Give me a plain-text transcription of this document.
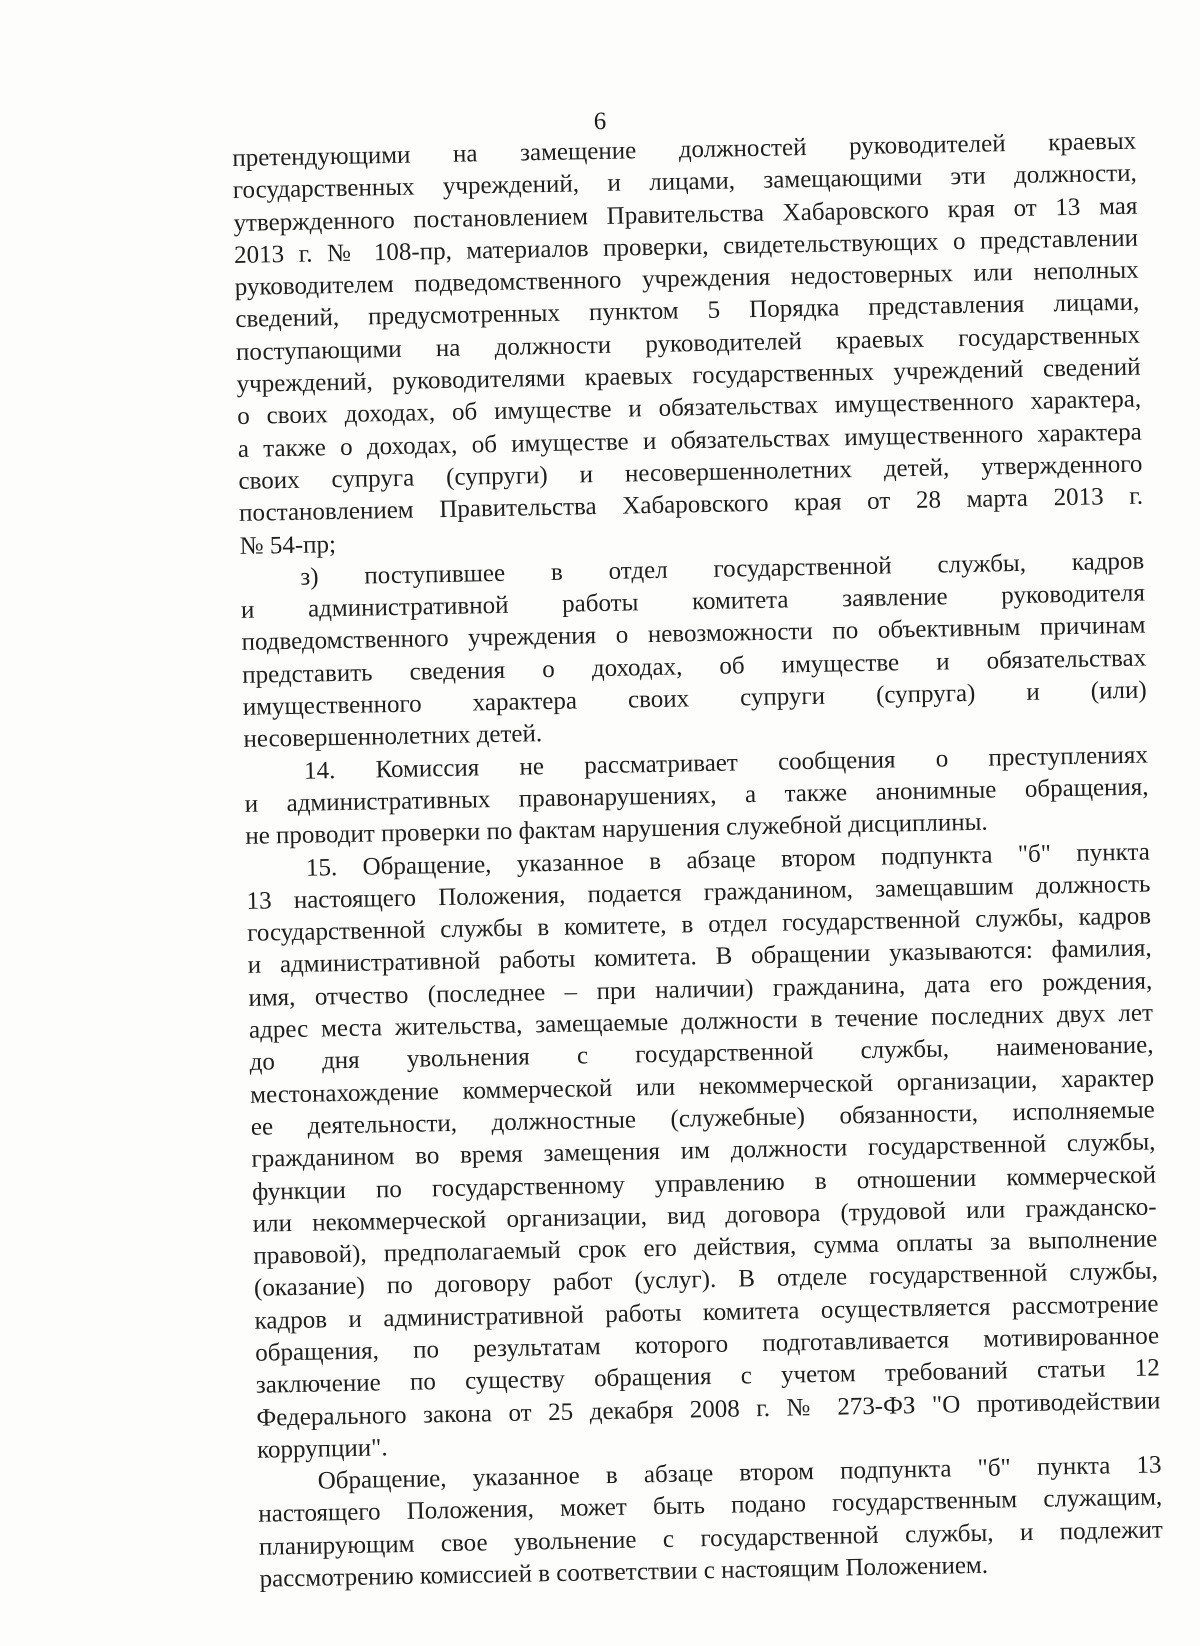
6
претендующими на замещение должностей руководителей краевых
государственных учреждений, и лицами, замещающими эти должности,
утвержденного постановлением Правительства Хабаровского края от 13 мая
2013 г. № 108-пр, материалов проверки, свидетельствующих о представлении
руководителем подведомственного учреждения недостоверных или неполных
сведений, предусмотренных пунктом 5 Порядка представления лицами,
поступающими на должности руководителей краевых государственных
учреждений, руководителями краевых государственных учреждений сведений
о своих доходах, об имуществе и обязательствах имущественного характера,
а также о доходах, об имуществе и обязательствах имущественного характера
своих супруга (супруги) и несовершеннолетних детей, утвержденного
постановлением Правительства Хабаровского края от 28 марта 2013 г.
№ 54-пр;
з) поступившее в отдел государственной службы, кадров
и административной работы комитета заявление руководителя
подведомственного учреждения о невозможности по объективным причинам
представить сведения о доходах, об имуществе и обязательствах
имущественного характера своих супруги (супруга) и (или)
несовершеннолетних детей.
14. Комиссия не рассматривает сообщения о преступлениях
и административных правонарушениях, а также анонимные обращения,
не проводит проверки по фактам нарушения служебной дисциплины.
15. Обращение, указанное в абзаце втором подпункта "б" пункта
13 настоящего Положения, подается гражданином, замещавшим должность
государственной службы в комитете, в отдел государственной службы, кадров
и административной работы комитета. В обращении указываются: фамилия,
имя, отчество (последнее – при наличии) гражданина, дата его рождения,
адрес места жительства, замещаемые должности в течение последних двух лет
до дня увольнения с государственной службы, наименование,
местонахождение коммерческой или некоммерческой организации, характер
ее деятельности, должностные (служебные) обязанности, исполняемые
гражданином во время замещения им должности государственной службы,
функции по государственному управлению в отношении коммерческой
или некоммерческой организации, вид договора (трудовой или гражданско-
правовой), предполагаемый срок его действия, сумма оплаты за выполнение
(оказание) по договору работ (услуг). В отделе государственной службы,
кадров и административной работы комитета осуществляется рассмотрение
обращения, по результатам которого подготавливается мотивированное
заключение по существу обращения с учетом требований статьи 12
Федерального закона от 25 декабря 2008 г. № 273-ФЗ "О противодействии
коррупции".
Обращение, указанное в абзаце втором подпункта "б" пункта 13
настоящего Положения, может быть подано государственным служащим,
планирующим свое увольнение с государственной службы, и подлежит
рассмотрению комиссией в соответствии с настоящим Положением.
